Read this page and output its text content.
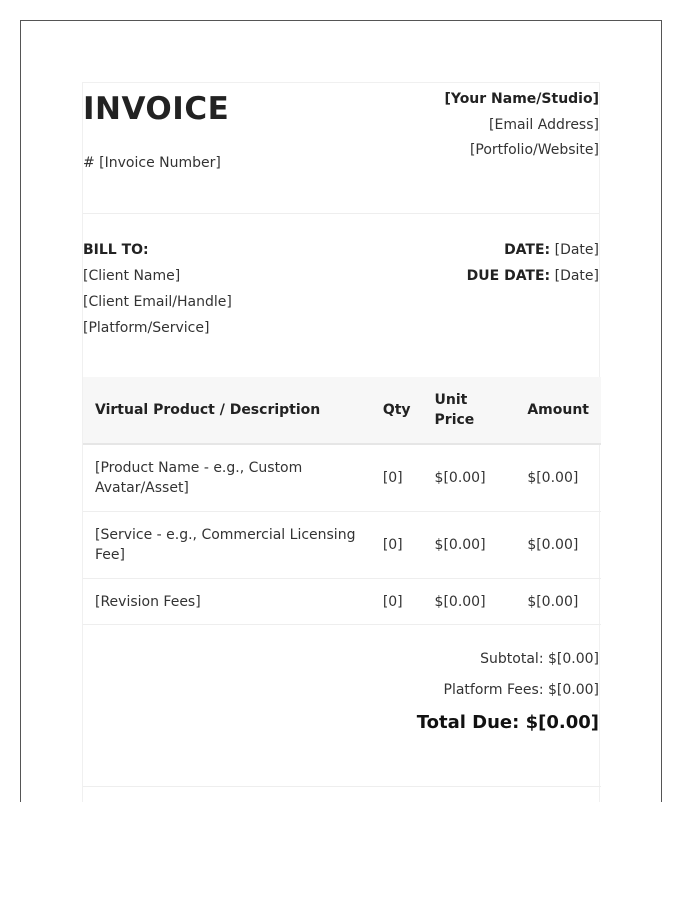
INVOICE
# [Invoice Number]
[Your Name/Studio]
[Email Address]
[Portfolio/Website]
BILL TO:
[Client Name]
[Client Email/Handle]
[Platform/Service]
DATE: [Date]
DUE DATE: [Date]
Virtual Product / Description	Qty	Unit Price	Amount
[Product Name - e.g., Custom Avatar/Asset]	[0]	$[0.00]	$[0.00]
[Service - e.g., Commercial Licensing Fee]	[0]	$[0.00]	$[0.00]
[Revision Fees]	[0]	$[0.00]	$[0.00]
Subtotal: $[0.00]
Platform Fees: $[0.00]
Total Due: $[0.00]
